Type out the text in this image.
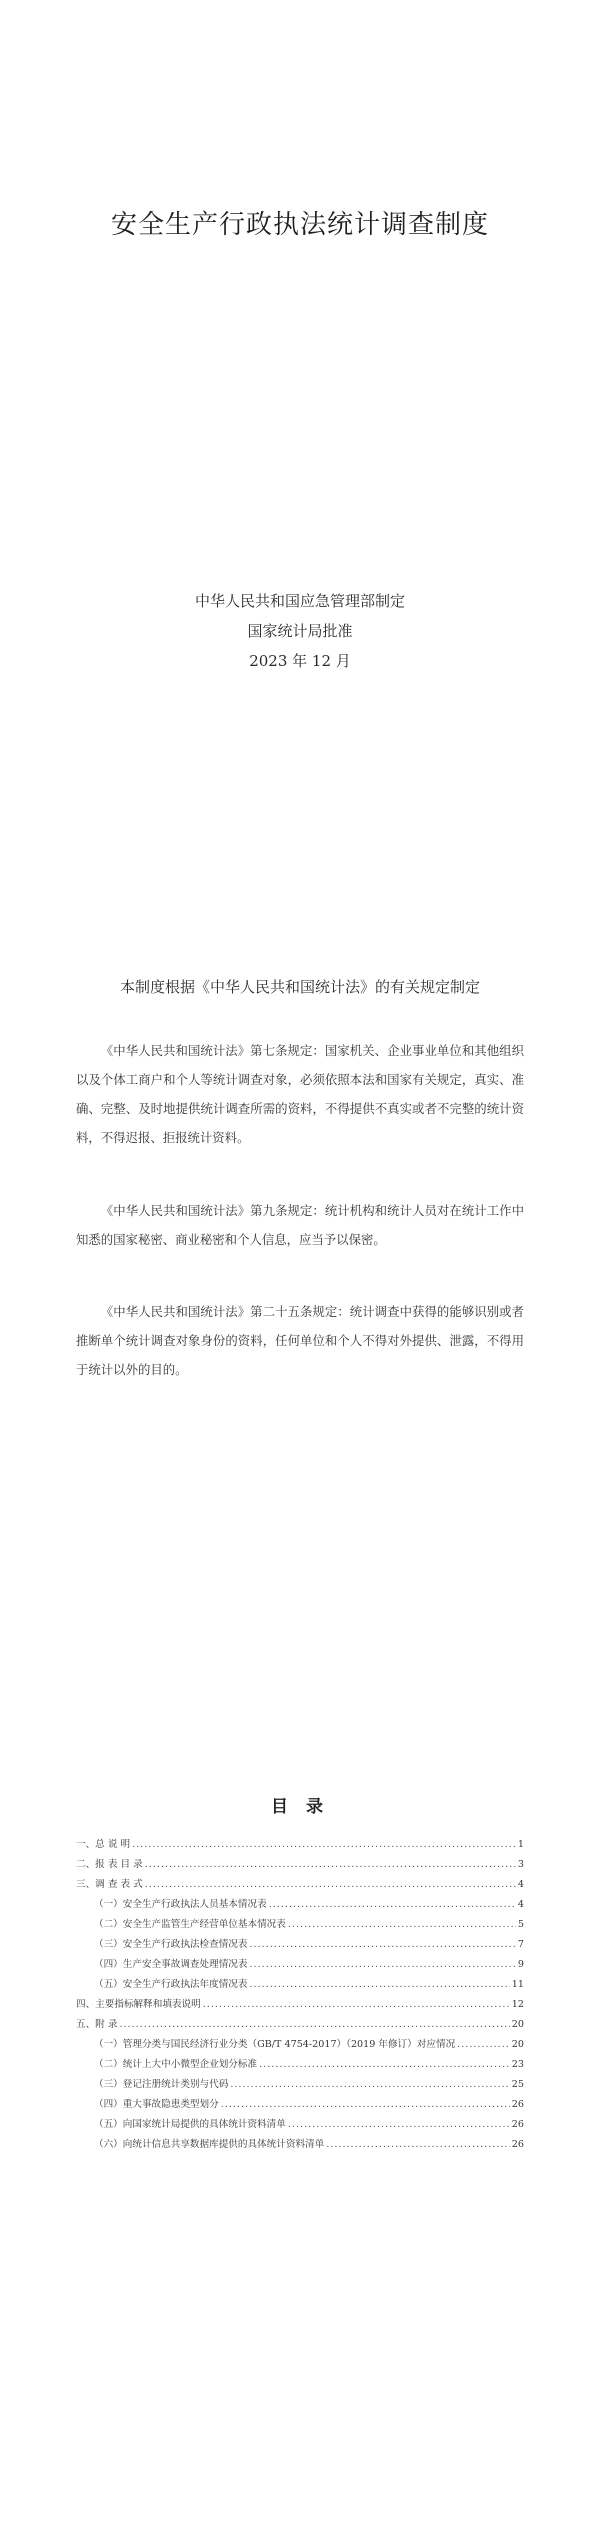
安全生产行政执法统计调查制度
中华人民共和国应急管理部制定
国家统计局批准
2023 年 12 月
本制度根据《中华人民共和国统计法》的有关规定制定

《中华人民共和国统计法》第七条规定：国家机关、企业事业单位和其他组织以及个体工商户和个人等统计调查对象，必须依照本法和国家有关规定，真实、准确、完整、及时地提供统计调查所需的资料，不得提供不真实或者不完整的统计资料，不得迟报、拒报统计资料。

《中华人民共和国统计法》第九条规定：统计机构和统计人员对在统计工作中知悉的国家秘密、商业秘密和个人信息，应当予以保密。

《中华人民共和国统计法》第二十五条规定：统计调查中获得的能够识别或者推断单个统计调查对象身份的资料，任何单位和个人不得对外提供、泄露，不得用于统计以外的目的。

目 录
一、总 说 明 .....	1
二、报 表 目 录 .....	3
三、调 查 表 式 .....	4
（一）安全生产行政执法人员基本情况表 .....	4
（二）安全生产监管生产经营单位基本情况表 .....	5
（三）安全生产行政执法检查情况表 .....	7
（四）生产安全事故调查处理情况表 .....	9
（五）安全生产行政执法年度情况表 .....	11
四、主要指标解释和填表说明 .....	12
五、附 录 .....	20
（一）管理分类与国民经济行业分类（GB/T 4754-2017）（2019 年修订）对应情况 .....	20
（二）统计上大中小微型企业划分标准 .....	23
（三）登记注册统计类别与代码 .....	25
（四）重大事故隐患类型划分 .....	26
（五）向国家统计局提供的具体统计资料清单 .....	26
（六）向统计信息共享数据库提供的具体统计资料清单 .....	26
